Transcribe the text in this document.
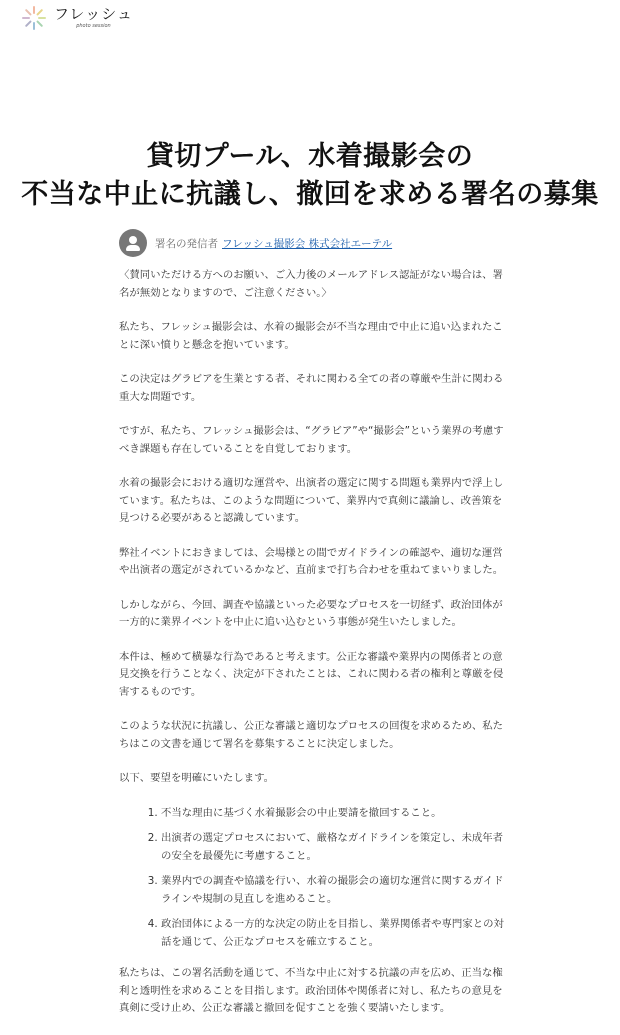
フレッシュ
photo session
貸切プール、水着撮影会の
不当な中止に抗議し、撤回を求める署名の募集
署名の発信者 フレッシュ撮影会 株式会社エーテル

〈賛同いただける方へのお願い、ご入力後のメールアドレス認証がない場合は、署名が無効となりますので、ご注意ください。〉

私たち、フレッシュ撮影会は、水着の撮影会が不当な理由で中止に追い込まれたことに深い憤りと懸念を抱いています。

この決定はグラビアを生業とする者、それに関わる全ての者の尊厳や生計に関わる重大な問題です。

ですが、私たち、フレッシュ撮影会は、“グラビア”や“撮影会”という業界の考慮すべき課題も存在していることを自覚しております。

水着の撮影会における適切な運営や、出演者の選定に関する問題も業界内で浮上しています。私たちは、このような問題について、業界内で真剣に議論し、改善策を見つける必要があると認識しています。

弊社イベントにおきましては、会場様との間でガイドラインの確認や、適切な運営や出演者の選定がされているかなど、直前まで打ち合わせを重ねてまいりました。

しかしながら、今回、調査や協議といった必要なプロセスを一切経ず、政治団体が一方的に業界イベントを中止に追い込むという事態が発生いたしました。

本件は、極めて横暴な行為であると考えます。公正な審議や業界内の関係者との意見交換を行うことなく、決定が下されたことは、これに関わる者の権利と尊厳を侵害するものです。

このような状況に抗議し、公正な審議と適切なプロセスの回復を求めるため、私たちはこの文書を通じて署名を募集することに決定しました。

以下、要望を明確にいたします。

1. 不当な理由に基づく水着撮影会の中止要請を撤回すること。
2. 出演者の選定プロセスにおいて、厳格なガイドラインを策定し、未成年者の安全を最優先に考慮すること。
3. 業界内での調査や協議を行い、水着の撮影会の適切な運営に関するガイドラインや規制の見直しを進めること。
4. 政治団体による一方的な決定の防止を目指し、業界関係者や専門家との対話を通じて、公正なプロセスを確立すること。

私たちは、この署名活動を通じて、不当な中止に対する抗議の声を広め、正当な権利と透明性を求めることを目指します。政治団体や関係者に対し、私たちの意見を真剣に受け止め、公正な審議と撤回を促すことを強く要請いたします。
